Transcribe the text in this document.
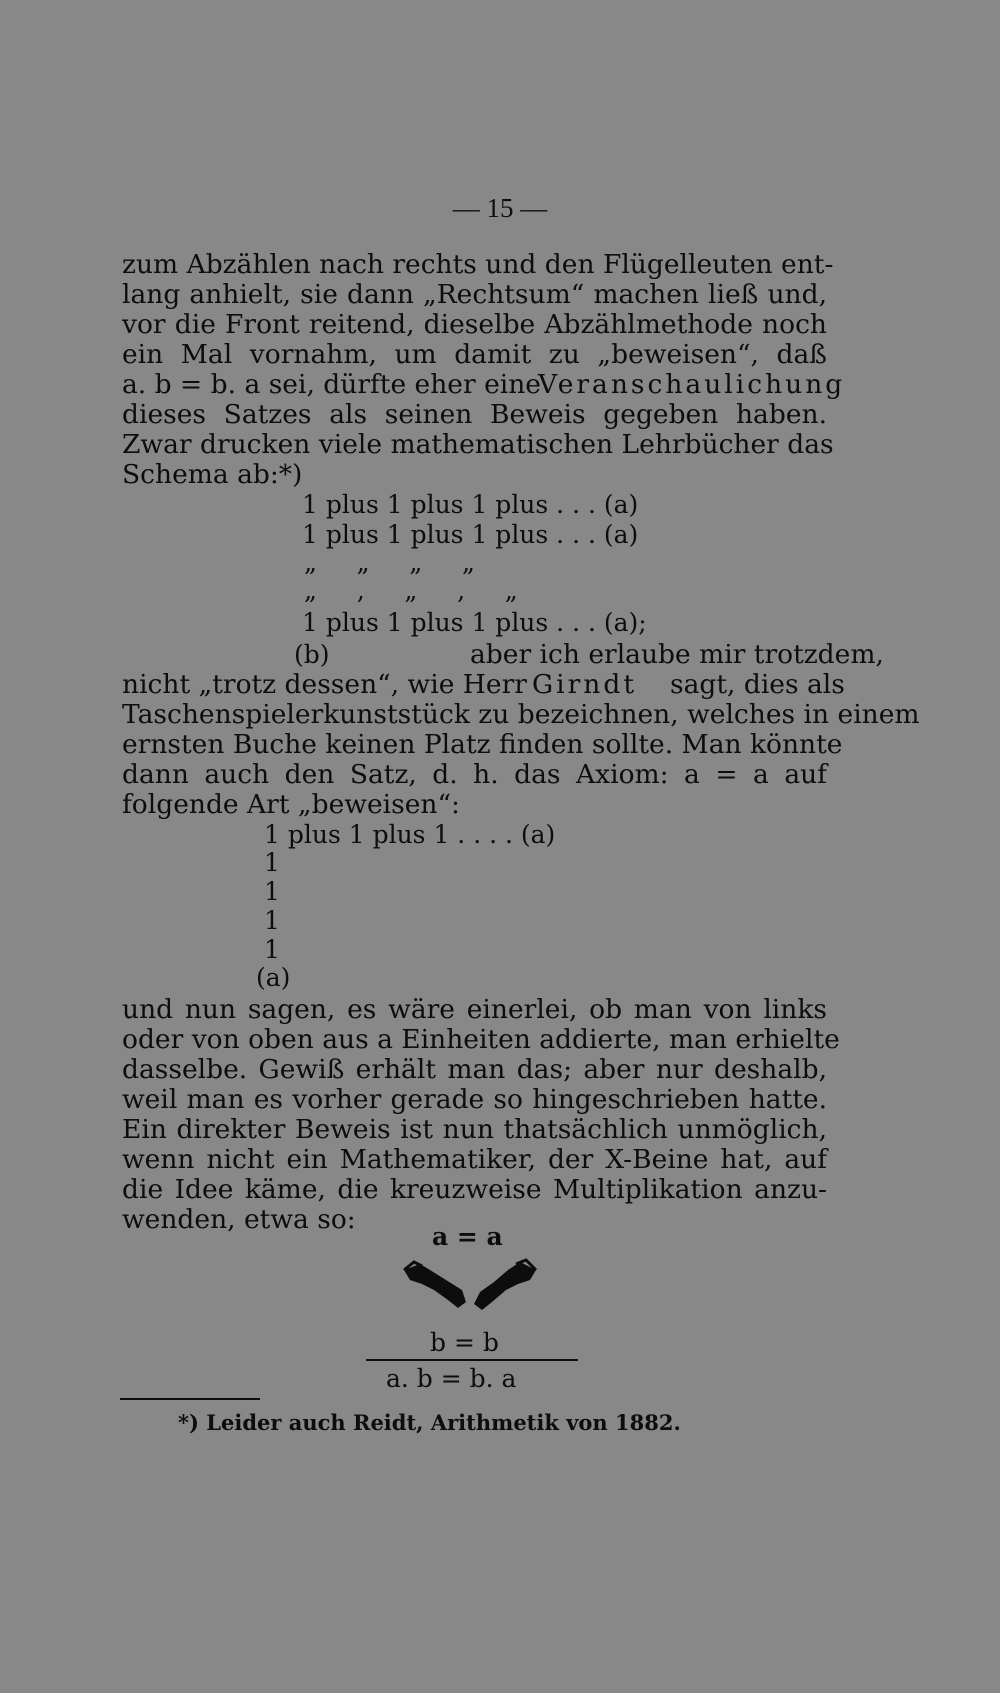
— 15 —
zum Abzählen nach rechts und den Flügelleuten ent-
lang anhielt, sie dann „Rechtsum“ machen ließ und,
vor die Front reitend, dieselbe Abzählmethode noch
ein Mal vornahm, um damit zu „beweisen“, daß
a. b = b. a sei, dürfte eher eine
Veranschaulichung
dieses Satzes als seinen Beweis gegeben haben.
Zwar drucken viele mathematischen Lehrbücher das
Schema ab:*)
1 plus 1 plus 1 plus . . . (a)
1 plus 1 plus 1 plus . . . (a)
„     „     „     „
„     ‚     „     ‚     „
1 plus 1 plus 1 plus . . . (a);
(b)	aber ich erlaube mir trotzdem,
nicht „trotz dessen“, wie Herr Girndt	sagt, dies als
Taschenspielerkunststück zu bezeichnen, welches in einem
ernsten Buche keinen Platz finden sollte. Man könnte
dann auch den Satz, d. h. das Axiom: a = a auf
folgende Art „beweisen“:
1 plus 1 plus 1 . . . . (a)
1
1
1
1
(a)
und nun sagen, es wäre einerlei, ob man von links
oder von oben aus a Einheiten addierte, man erhielte
dasselbe. Gewiß erhält man das; aber nur deshalb,
weil man es vorher gerade so hingeschrieben hatte.
Ein direkter Beweis ist nun thatsächlich unmöglich,
wenn nicht ein Mathematiker, der X-Beine hat, auf
die Idee käme, die kreuzweise Multiplikation anzu-
wenden, etwa so:
a = a
b = b
a. b = b. a
*) Leider auch Reidt, Arithmetik von 1882.
